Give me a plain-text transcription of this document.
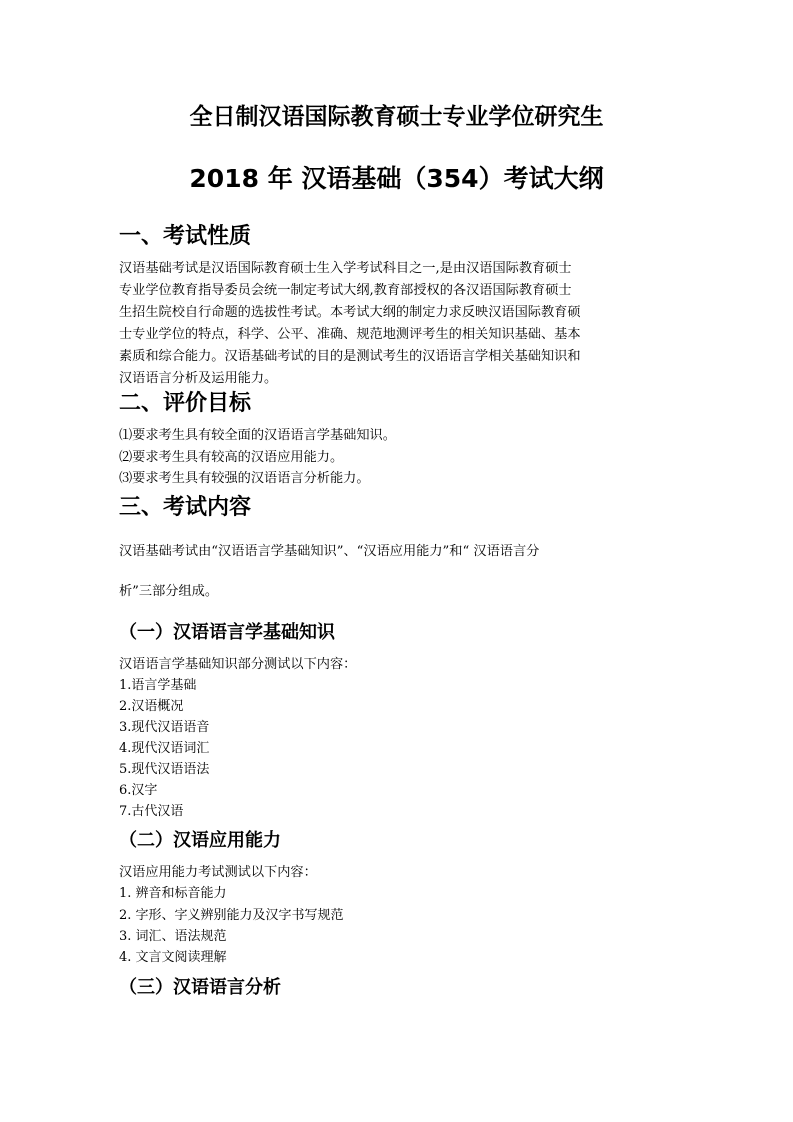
全日制汉语国际教育硕士专业学位研究生
2018 年 汉语基础（354）考试大纲
一、考试性质
汉语基础考试是汉语国际教育硕士生入学考试科目之一,是由汉语国际教育硕士
专业学位教育指导委员会统一制定考试大纲,教育部授权的各汉语国际教育硕士
生招生院校自行命题的选拔性考试。本考试大纲的制定力求反映汉语国际教育硕
士专业学位的特点，科学、公平、准确、规范地测评考生的相关知识基础、基本
素质和综合能力。汉语基础考试的目的是测试考生的汉语语言学相关基础知识和
汉语语言分析及运用能力。
二、评价目标
⑴要求考生具有较全面的汉语语言学基础知识。
⑵要求考生具有较高的汉语应用能力。
⑶要求考生具有较强的汉语语言分析能力。
三、考试内容
汉语基础考试由“汉语语言学基础知识”、“汉语应用能力”和“ 汉语语言分
析”三部分组成。
（一）汉语语言学基础知识
汉语语言学基础知识部分测试以下内容：
1.语言学基础
2.汉语概况
3.现代汉语语音
4.现代汉语词汇
5.现代汉语语法
6.汉字
7.古代汉语
（二）汉语应用能力
汉语应用能力考试测试以下内容：
1. 辨音和标音能力
2. 字形、字义辨别能力及汉字书写规范
3. 词汇、语法规范
4. 文言文阅读理解
（三）汉语语言分析
